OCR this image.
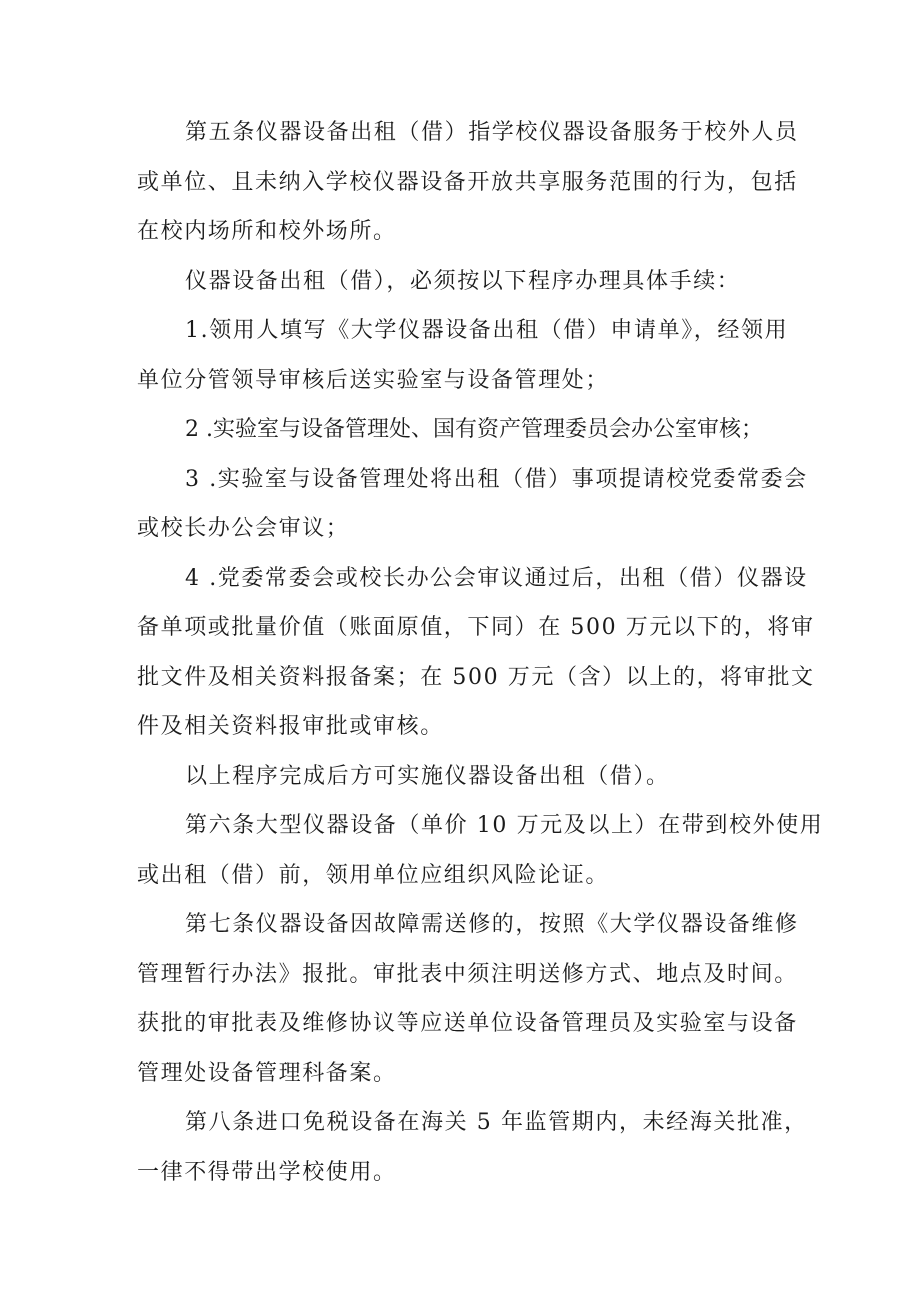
第五条仪器设备出租（借）指学校仪器设备服务于校外人员
或单位、且未纳入学校仪器设备开放共享服务范围的行为，包括
在校内场所和校外场所。
仪器设备出租（借），必须按以下程序办理具体手续：
1.领用人填写《大学仪器设备出租（借）申请单》，经领用
单位分管领导审核后送实验室与设备管理处；
2 .实验室与设备管理处、国有资产管理委员会办公室审核；
3 .实验室与设备管理处将出租（借）事项提请校党委常委会
或校长办公会审议；
4 .党委常委会或校长办公会审议通过后，出租（借）仪器设
备单项或批量价值（账面原值，下同）在 500 万元以下的，将审
批文件及相关资料报备案；在 500 万元（含）以上的，将审批文
件及相关资料报审批或审核。
以上程序完成后方可实施仪器设备出租（借）。
第六条大型仪器设备（单价 10 万元及以上）在带到校外使用
或出租（借）前，领用单位应组织风险论证。
第七条仪器设备因故障需送修的，按照《大学仪器设备维修
管理暂行办法》报批。审批表中须注明送修方式、地点及时间。
获批的审批表及维修协议等应送单位设备管理员及实验室与设备
管理处设备管理科备案。
第八条进口免税设备在海关 5 年监管期内，未经海关批准，
一律不得带出学校使用。
